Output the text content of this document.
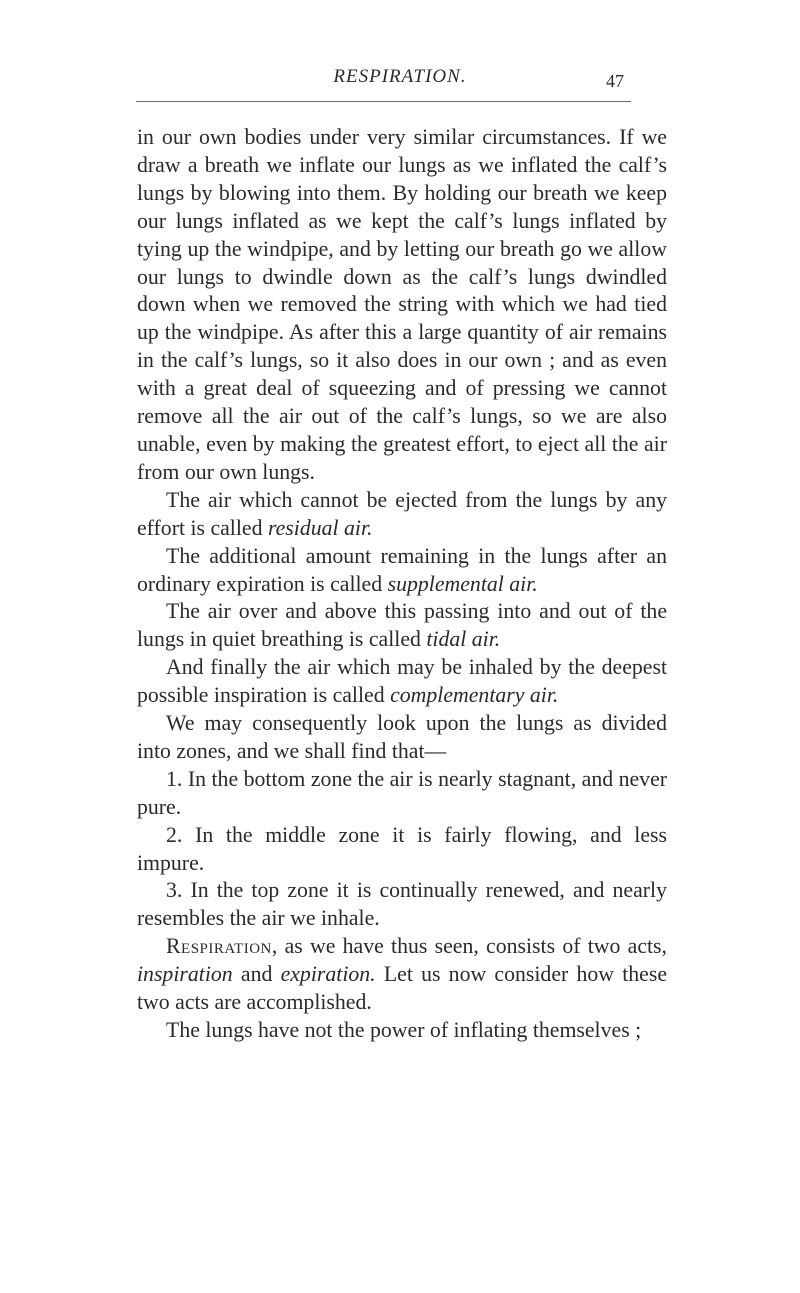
RESPIRATION.	47

in our own bodies under very similar circumstances. If we draw a breath we inflate our lungs as we inflated the calf’s lungs by blowing into them. By holding our breath we keep our lungs inflated as we kept the calf’s lungs inflated by tying up the windpipe, and by letting our breath go we allow our lungs to dwindle down as the calf’s lungs dwindled down when we removed the string with which we had tied up the windpipe. As after this a large quantity of air remains in the calf’s lungs, so it also does in our own ; and as even with a great deal of squeezing and of pressing we cannot remove all the air out of the calf’s lungs, so we are also unable, even by making the greatest effort, to eject all the air from our own lungs.

The air which cannot be ejected from the lungs by any effort is called residual air.

The additional amount remaining in the lungs after an ordinary expiration is called supplemental air.

The air over and above this passing into and out of the lungs in quiet breathing is called tidal air.

And finally the air which may be inhaled by the deepest possible inspiration is called complementary air.

We may consequently look upon the lungs as divided into zones, and we shall find that—

1. In the bottom zone the air is nearly stagnant, and never pure.

2. In the middle zone it is fairly flowing, and less impure.

3. In the top zone it is continually renewed, and nearly resembles the air we inhale.

Respiration, as we have thus seen, consists of two acts, inspiration and expiration. Let us now consider how these two acts are accomplished.

The lungs have not the power of inflating themselves ;
